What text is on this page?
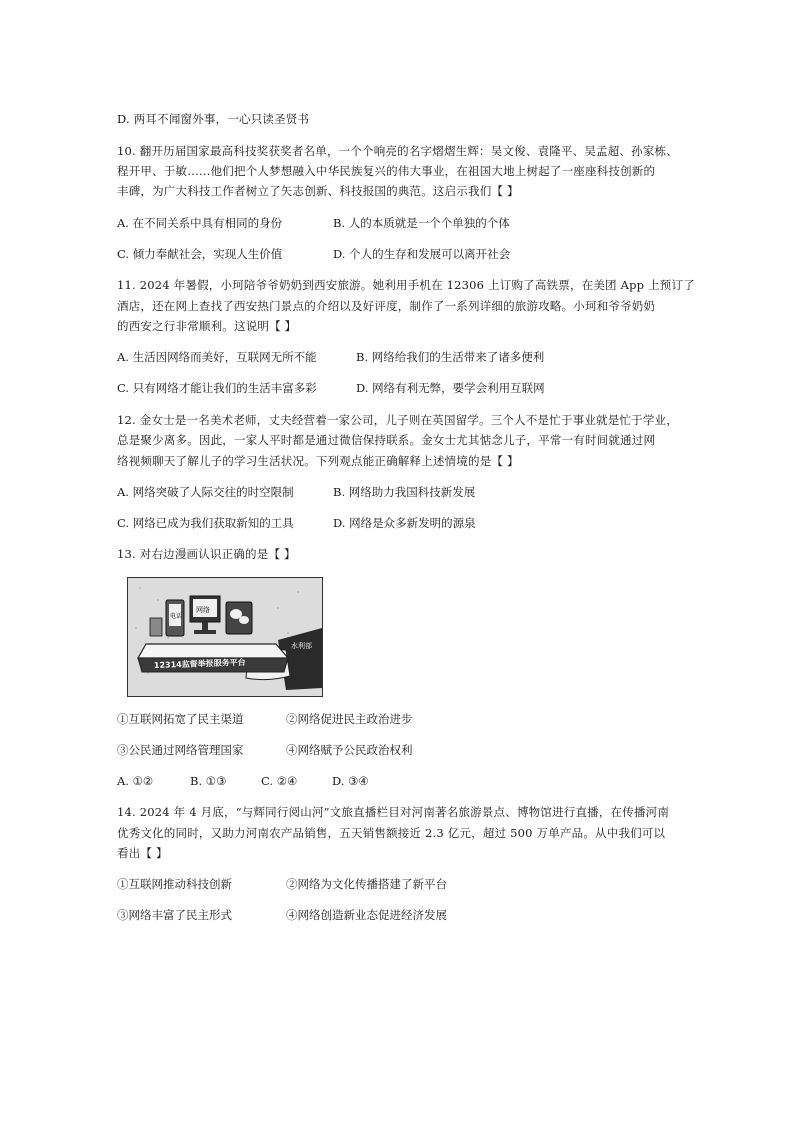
D. 两耳不闻窗外事，一心只读圣贤书
10. 翻开历届国家最高科技奖获奖者名单，一个个响亮的名字熠熠生辉：吴文俊、袁隆平、吴孟超、孙家栋、
程开甲、于敏……他们把个人梦想融入中华民族复兴的伟大事业，在祖国大地上树起了一座座科技创新的
丰碑，为广大科技工作者树立了矢志创新、科技报国的典范。这启示我们【 】
A. 在不同关系中具有相同的身份	B. 人的本质就是一个个单独的个体
C. 倾力奉献社会，实现人生价值	D. 个人的生存和发展可以离开社会
11. 2024 年暑假，小珂陪爷爷奶奶到西安旅游。她利用手机在 12306 上订购了高铁票，在美团 App 上预订了
酒店，还在网上查找了西安热门景点的介绍以及好评度，制作了一系列详细的旅游攻略。小珂和爷爷奶奶
的西安之行非常顺利。这说明【 】
A. 生活因网络而美好，互联网无所不能	B. 网络给我们的生活带来了诸多便利
C. 只有网络才能让我们的生活丰富多彩	D. 网络有利无弊，要学会利用互联网
12. 金女士是一名美术老师，丈夫经营着一家公司，儿子则在英国留学。三个人不是忙于事业就是忙于学业，
总是聚少离多。因此，一家人平时都是通过微信保持联系。金女士尤其惦念儿子，平常一有时间就通过网
络视频聊天了解儿子的学习生活状况。下列观点能正确解释上述情境的是【 】
A. 网络突破了人际交往的时空限制	B. 网络助力我国科技新发展
C. 网络已成为我们获取新知的工具	D. 网络是众多新发明的源泉
13. 对右边漫画认识正确的是【 】
电话
网络
12314监督举报服务平台
水利部
①互联网拓宽了民主渠道	②网络促进民主政治进步
③公民通过网络管理国家	④网络赋予公民政治权利
A. ①②	B. ①③	C. ②④	D. ③④
14. 2024 年 4 月底，“与辉同行阅山河”文旅直播栏目对河南著名旅游景点、博物馆进行直播，在传播河南
优秀文化的同时，又助力河南农产品销售，五天销售额接近 2.3 亿元，超过 500 万单产品。从中我们可以
看出【 】
①互联网推动科技创新	②网络为文化传播搭建了新平台
③网络丰富了民主形式	④网络创造新业态促进经济发展
